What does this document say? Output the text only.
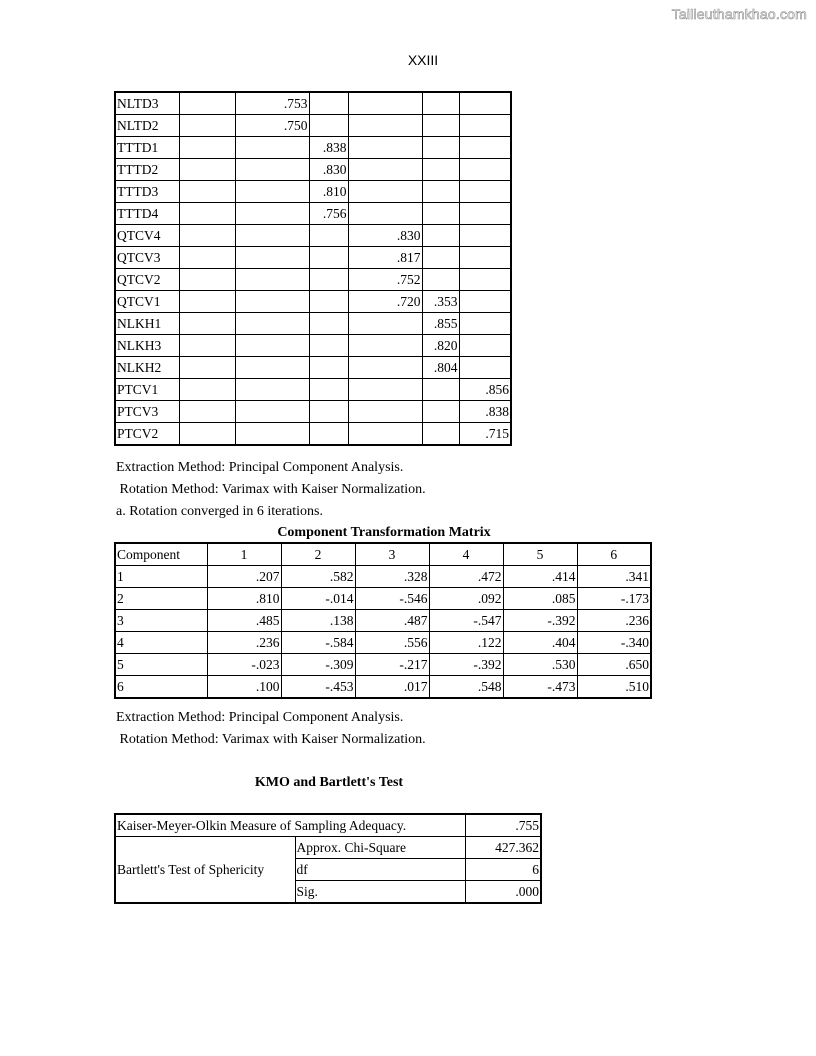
Tailieuthamkhao.com
XXIII
NLTD3		.753				
NLTD2		.750				
TTTD1			.838			
TTTD2			.830			
TTTD3			.810			
TTTD4			.756			
QTCV4				.830		
QTCV3				.817		
QTCV2				.752		
QTCV1				.720	.353	
NLKH1					.855	
NLKH3					.820	
NLKH2					.804	
PTCV1						.856
PTCV3						.838
PTCV2						.715
Extraction Method: Principal Component Analysis.
Rotation Method: Varimax with Kaiser Normalization.
a. Rotation converged in 6 iterations.
Component Transformation Matrix
Component	1	2	3	4	5	6
1	.207	.582	.328	.472	.414	.341
2	.810	-.014	-.546	.092	.085	-.173
3	.485	.138	.487	-.547	-.392	.236
4	.236	-.584	.556	.122	.404	-.340
5	-.023	-.309	-.217	-.392	.530	.650
6	.100	-.453	.017	.548	-.473	.510
Extraction Method: Principal Component Analysis.
Rotation Method: Varimax with Kaiser Normalization.
KMO and Bartlett's Test
Kaiser-Meyer-Olkin Measure of Sampling Adequacy.		.755
Bartlett's Test of Sphericity	Approx. Chi-Square	427.362
	df	6
	Sig.	.000
